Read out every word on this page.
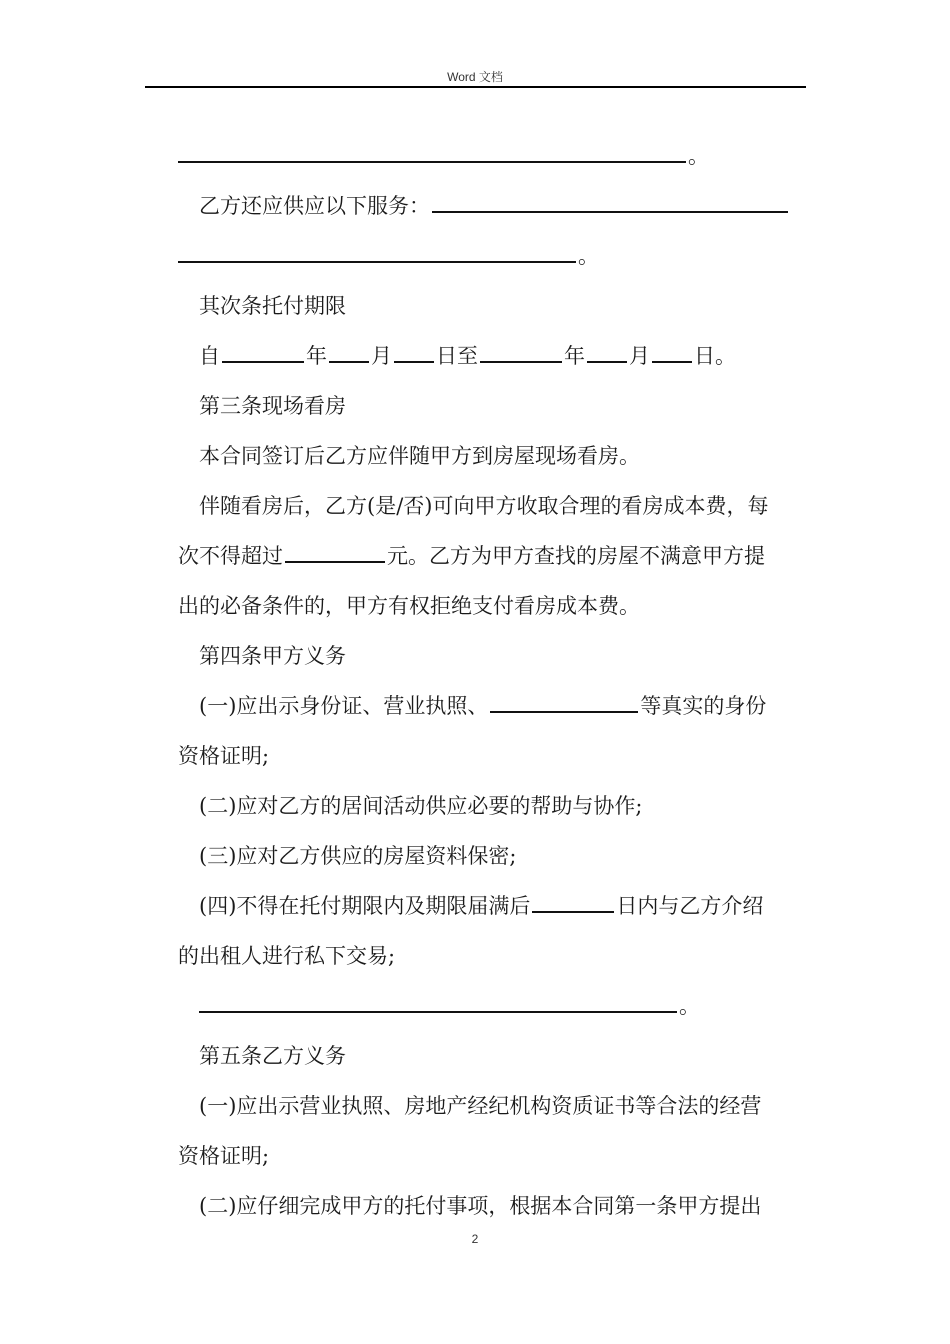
Word 文档
。
乙方还应供应以下服务：
。
其次条托付期限
自	年 月 日至	年 月 日。
第三条现场看房
本合同签订后乙方应伴随甲方到房屋现场看房。
伴随看房后，乙方(是/否)可向甲方收取合理的看房成本费，每
次不得超过	元。乙方为甲方查找的房屋不满意甲方提
出的必备条件的，甲方有权拒绝支付看房成本费。
第四条甲方义务
(一)应出示身份证、营业执照、	等真实的身份
资格证明;
(二)应对乙方的居间活动供应必要的帮助与协作;
(三)应对乙方供应的房屋资料保密;
(四)不得在托付期限内及期限届满后	日内与乙方介绍
的出租人进行私下交易;
。
第五条乙方义务
(一)应出示营业执照、房地产经纪机构资质证书等合法的经营
资格证明;
(二)应仔细完成甲方的托付事项，根据本合同第一条甲方提出
2
